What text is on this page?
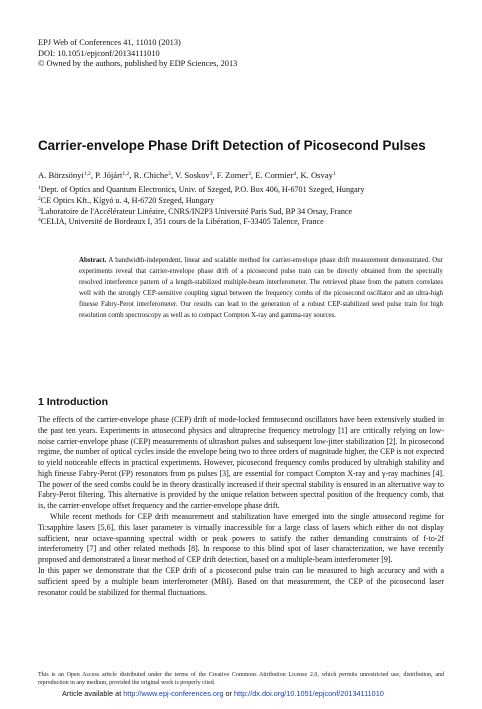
EPJ Web of Conferences 41, 11010 (2013)
DOI: 10.1051/epjconf/20134111010
© Owned by the authors, published by EDP Sciences, 2013
Carrier-envelope Phase Drift Detection of Picosecond Pulses
A. Börzsönyi$^{1,2}$, P. Jójárt$^{1,2}$, R. Chiche$^3$, V. Soskov$^3$, F. Zomer$^3$, E. Cormier$^4$, K. Osvay$^1$
$^1$Dept. of Optics and Quantum Electronics, Univ. of Szeged, P.O. Box 406, H-6701 Szeged, Hungary
$^2$CE Optics Kft., Kígyó u. 4, H-6720 Szeged, Hungary
$^3$Laboratoire de l'Accélérateur Linéaire, CNRS/IN2P3 Université Paris Sud, BP 34 Orsay, France
$^4$CELIA, Université de Bordeaux I, 351 cours de la Libération, F-33405 Talence, France
Abstract. A bandwidth-independent, linear and scalable method for carrier-envelope phase drift measurement demonstrated. Our experiments reveal that carrier-envelope phase drift of a picosecond pulse train can be directly obtained from the spectrally resolved interference pattern of a length-stabilized multiple-beam interferometer. The retrieved phase from the pattern correlates well with the strongly CEP-sensitive coupling signal between the frequency combs of the picosecond oscillator and an ultra-high finesse Fabry-Perot interferometer. Our results can lead to the generation of a robust CEP-stabilized seed pulse train for high resolution comb spectroscopy as well as to compact Compton X-ray and gamma-ray sources.
1 Introduction

The effects of the carrier-envelope phase (CEP) drift of mode-locked femtosecond oscillators have been extensively studied in the past ten years. Experiments in attosecond physics and ultraprecise frequency metrology [1] are critically relying on low-noise carrier-envelope phase (CEP) measurements of ultrashort pulses and subsequent low-jitter stabilization [2]. In picosecond regime, the number of optical cycles inside the envelope being two to three orders of magnitude higher, the CEP is not expected to yield noticeable effects in practical experiments. However, picosecond frequency combs produced by ultrahigh stability and high finesse Fabry-Perot (FP) resonators from ps pulses [3], are essential for compact Compton X-ray and γ-ray machines [4]. The power of the seed combs could be in theory drastically increased if their spectral stability is ensured in an alternative way to Fabry-Perot filtering. This alternative is provided by the unique relation between spectral position of the frequency comb, that is, the carrier-envelope offset frequency and the carrier-envelope phase drift.

While recent methods for CEP drift measurement and stabilization have emerged into the single attosecond regime for Ti:sapphire lasers [5,6], this laser parameter is virtually inaccessible for a large class of lasers which either do not display sufficient, near octave-spanning spectral width or peak powers to satisfy the rather demanding constraints of f-to-2f interferometry [7] and other related methods [8]. In response to this blind spot of laser characterization, we have recently proposed and demonstrated a linear method of CEP drift detection, based on a multiple-beam interferometer [9].

In this paper we demonstrate that the CEP drift of a picosecond pulse train can be measured to high accuracy and with a sufficient speed by a multiple beam interferometer (MBI). Based on that measurement, the CEP of the picosecond laser resonator could be stabilized for thermal fluctuations.

This is an Open Access article distributed under the terms of the Creative Commons Attribution License 2.0, which permits unrestricted use, distribution, and reproduction in any medium, provided the original work is properly cited.
Article available at http://www.epj-conferences.org or http://dx.doi.org/10.1051/epjconf/20134111010
